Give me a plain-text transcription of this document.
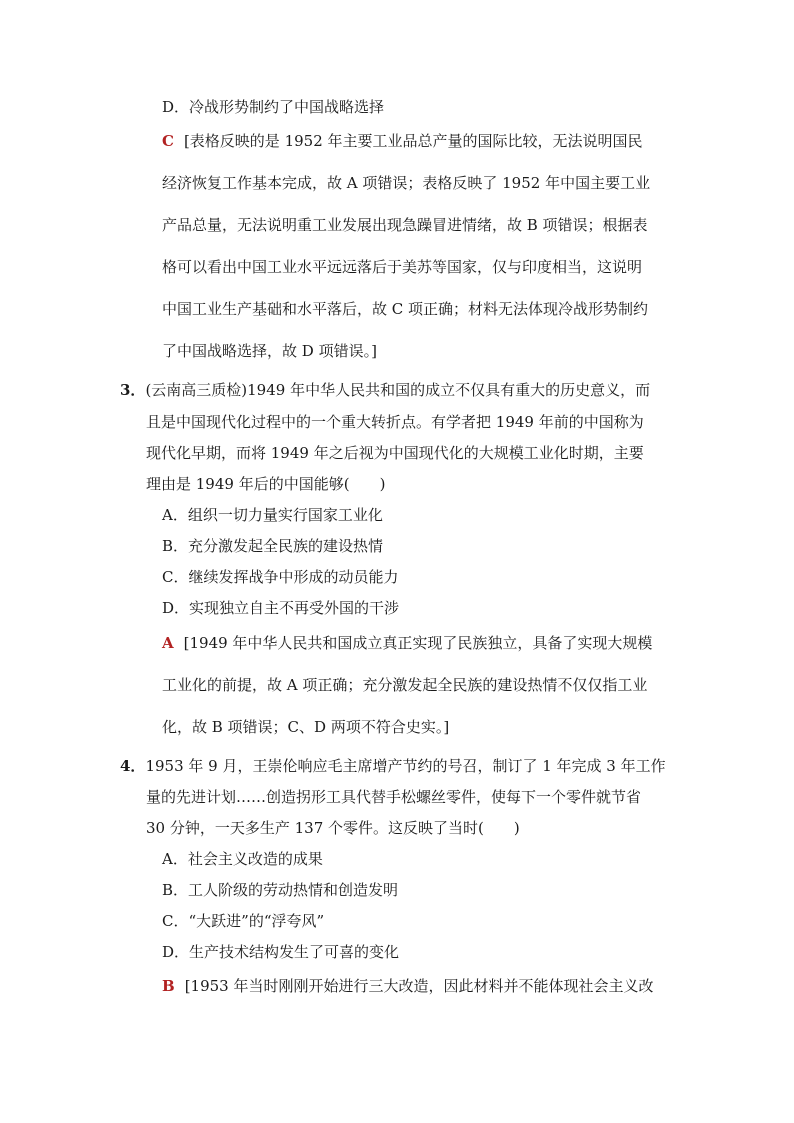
D．冷战形势制约了中国战略选择
C [表格反映的是 1952 年主要工业品总产量的国际比较，无法说明国民
经济恢复工作基本完成，故 A 项错误；表格反映了 1952 年中国主要工业
产品总量，无法说明重工业发展出现急躁冒进情绪，故 B 项错误；根据表
格可以看出中国工业水平远远落后于美苏等国家，仅与印度相当，这说明
中国工业生产基础和水平落后，故 C 项正确；材料无法体现冷战形势制约
了中国战略选择，故 D 项错误。]
3．(云南高三质检)1949 年中华人民共和国的成立不仅具有重大的历史意义，而
且是中国现代化过程中的一个重大转折点。有学者把 1949 年前的中国称为
现代化早期，而将 1949 年之后视为中国现代化的大规模工业化时期，主要
理由是 1949 年后的中国能够(　　)
A．组织一切力量实行国家工业化
B．充分激发起全民族的建设热情
C．继续发挥战争中形成的动员能力
D．实现独立自主不再受外国的干涉
A [1949 年中华人民共和国成立真正实现了民族独立，具备了实现大规模
工业化的前提，故 A 项正确；充分激发起全民族的建设热情不仅仅指工业
化，故 B 项错误；C、D 两项不符合史实。]
4．1953 年 9 月，王崇伦响应毛主席增产节约的号召，制订了 1 年完成 3 年工作
量的先进计划……创造拐形工具代替手松螺丝零件，使每下一个零件就节省
30 分钟，一天多生产 137 个零件。这反映了当时(　　)
A．社会主义改造的成果
B．工人阶级的劳动热情和创造发明
C．“大跃进”的“浮夸风”
D．生产技术结构发生了可喜的变化
B [1953 年当时刚刚开始进行三大改造，因此材料并不能体现社会主义改
